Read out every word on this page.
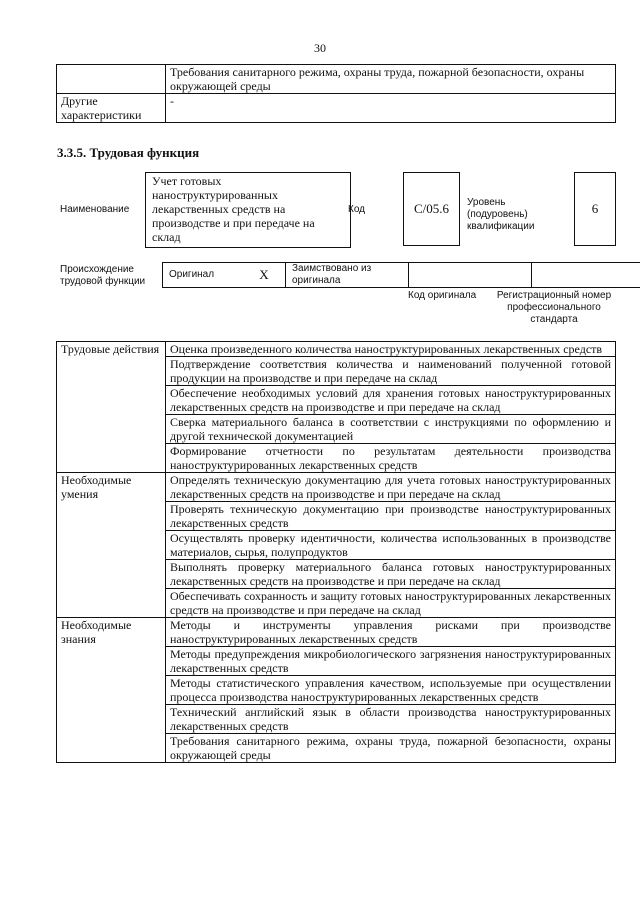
30
	Требования санитарного режима, охраны труда, пожарной безопасности, охраны окружающей среды
Другие характеристики	-
3.3.5. Трудовая функция
Наименование
Учет готовых наноструктурированных лекарственных средств на производстве и при передаче на склад
Код	C/05.6	Уровень (подуровень) квалификации
6
Происхождение трудовой функции
Оригинал	X	Заимствовано из оригинала		
Код оригинала	Регистрационный номер профессионального стандарта
Трудовые действия	Оценка произведенного количества наноструктурированных лекарственных средств
	Подтверждение соответствия количества и наименований полученной готовой продукции на производстве и при передаче на склад
	Обеспечение необходимых условий для хранения готовых наноструктурированных лекарственных средств на производстве и при передаче на склад
	Сверка материального баланса в соответствии с инструкциями по оформлению и другой технической документацией
	Формирование отчетности по результатам деятельности производства наноструктурированных лекарственных средств
Необходимые умения	Определять техническую документацию для учета готовых наноструктурированных лекарственных средств на производстве и при передаче на склад
	Проверять техническую документацию при производстве наноструктурированных лекарственных средств
	Осуществлять проверку идентичности, количества использованных в производстве материалов, сырья, полупродуктов
	Выполнять проверку материального баланса готовых наноструктурированных лекарственных средств на производстве и при передаче на склад
	Обеспечивать сохранность и защиту готовых наноструктурированных лекарственных средств на производстве и при передаче на склад
Необходимые знания	Методы и инструменты управления рисками при производстве наноструктурированных лекарственных средств
	Методы предупреждения микробиологического загрязнения наноструктурированных лекарственных средств
	Методы статистического управления качеством, используемые при осуществлении процесса производства наноструктурированных лекарственных средств
	Технический английский язык в области производства наноструктурированных лекарственных средств
	Требования санитарного режима, охраны труда, пожарной безопасности, охраны окружающей среды
